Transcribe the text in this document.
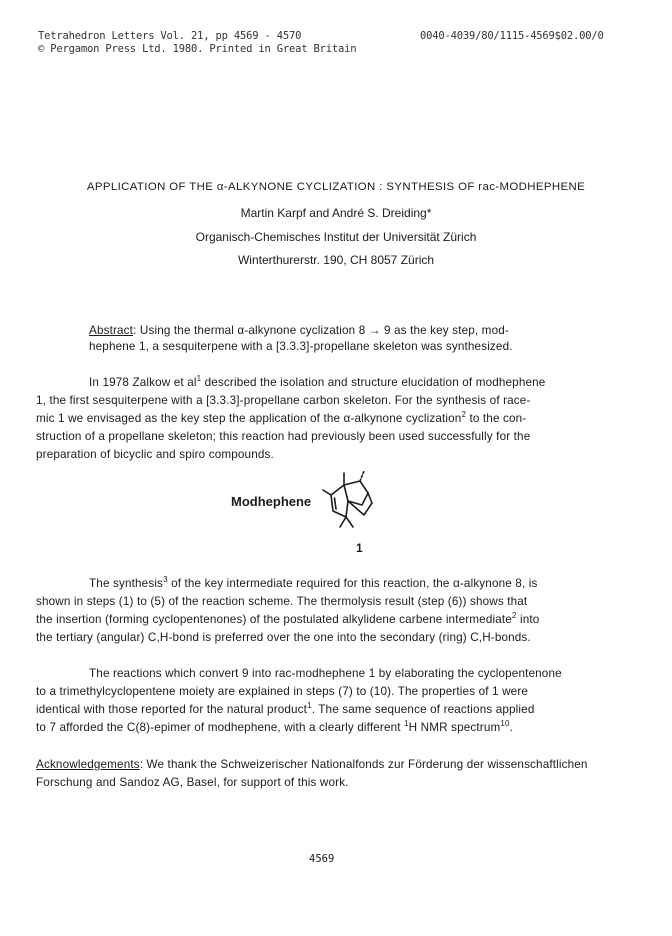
Tetrahedron Letters Vol. 21, pp 4569 - 4570
© Pergamon Press Ltd. 1980. Printed in Great Britain
0040-4039/80/1115-4569$02.00/0
APPLICATION OF THE α-ALKYNONE CYCLIZATION : SYNTHESIS OF rac-MODHEPHENE
Martin Karpf and André S. Dreiding*
Organisch-Chemisches Institut der Universität Zürich
Winterthurerstr. 190, CH 8057 Zürich
Abstract: Using the thermal α-alkynone cyclization 8 → 9 as the key step, mod-
hephene 1, a sesquiterpene with a [3.3.3]-propellane skeleton was synthesized.
In 1978 Zalkow et $al^1$ described the isolation and structure elucidation of modhephene
1, the first sesquiterpene with a [3.3.3]-propellane carbon skeleton. For the synthesis of race-
mic 1 we envisaged as the key step the application of the α-alkynone cyclization$^2$ to the con-
struction of a propellane skeleton; this reaction had previously been used successfully for the
preparation of bicyclic and spiro compounds.
Modhephene
1
The synthesis$^3$ of the key intermediate required for this reaction, the α-alkynone 8, is
shown in steps (1) to (5) of the reaction scheme. The thermolysis result (step (6)) shows that
the insertion (forming cyclopentenones) of the postulated alkylidene carbene intermediate$^2$ into
the tertiary (angular) C,H-bond is preferred over the one into the secondary (ring) C,H-bonds.
The reactions which convert 9 into rac-modhephene 1 by elaborating the cyclopentenone
to a trimethylcyclopentene moiety are explained in steps (7) to (10). The properties of 1 were
identical with those reported for the natural product$^1$. The same sequence of reactions applied
to 7 afforded the C(8)-epimer of modhephene, with a clearly different $^1$H NMR spectrum$^{10}$.
Acknowledgements: We thank the Schweizerischer Nationalfonds zur Förderung der wissenschaftlichen
Forschung and Sandoz AG, Basel, for support of this work.
4569
